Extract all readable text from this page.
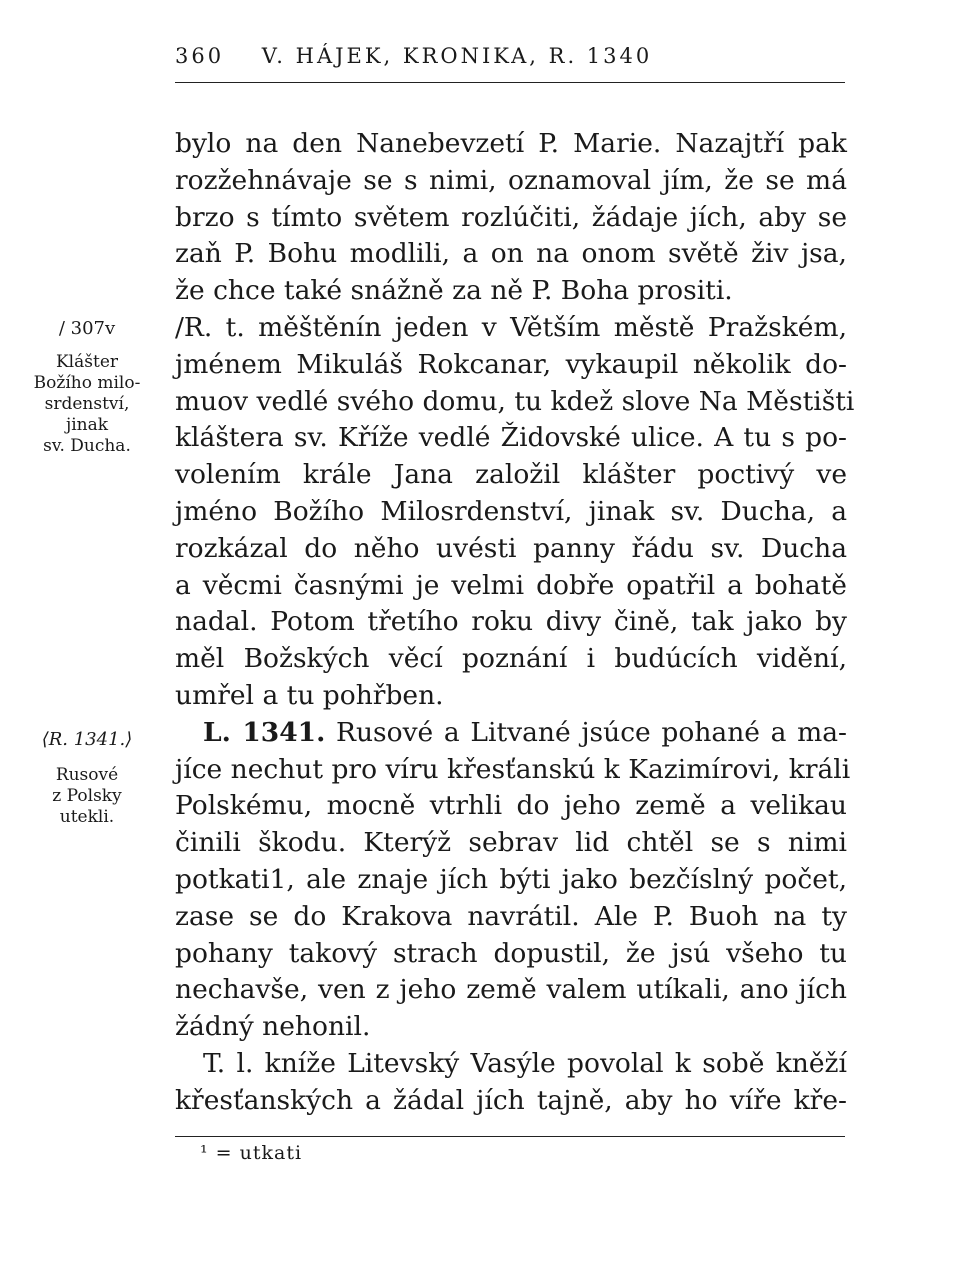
360 V. HÁJEK, KRONIKA, R. 1340
/ 307v
Klášter
Božího milo-
srdenství,
jinak
sv. Ducha.
⟨R. 1341.⟩
Rusové
z Polsky
utekli.
bylo na den Nanebevzetí P. Marie. Nazajtří pak
rozžehnávaje se s nimi, oznamoval jím, že se má
brzo s tímto světem rozlúčiti, žádaje jích, aby se
zaň P. Bohu modlili, a on na onom světě živ jsa,
že chce také snážně za ně P. Boha prositi.
/R. t. měštěnín jeden v Větším městě Pražském,
jménem Mikuláš Rokcanar, vykaupil několik do-
muov vedlé svého domu, tu kdež slove Na Městišti
kláštera sv. Kříže vedlé Židovské ulice. A tu s po-
volením krále Jana založil klášter poctivý ve
jméno Božího Milosrdenství, jinak sv. Ducha, a
rozkázal do něho uvésti panny řádu sv. Ducha
a věcmi časnými je velmi dobře opatřil a bohatě
nadal. Potom třetího roku divy čině, tak jako by
měl Božských věcí poznání i budúcích vidění,
umřel a tu pohřben.
L. 1341. Rusové a Litvané jsúce pohané a ma-
jíce nechut pro víru křesťanskú k Kazimírovi, králi
Polskému, mocně vtrhli do jeho země a velikau
činili škodu. Kterýž sebrav lid chtěl se s nimi
potkati1, ale znaje jích býti jako bezčíslný počet,
zase se do Krakova navrátil. Ale P. Buoh na ty
pohany takový strach dopustil, že jsú všeho tu
nechavše, ven z jeho země valem utíkali, ano jích
žádný nehonil.
T. l. kníže Litevský Vasýle povolal k sobě kněží
křesťanských a žádal jích tajně, aby ho víře kře-
¹ = utkati
